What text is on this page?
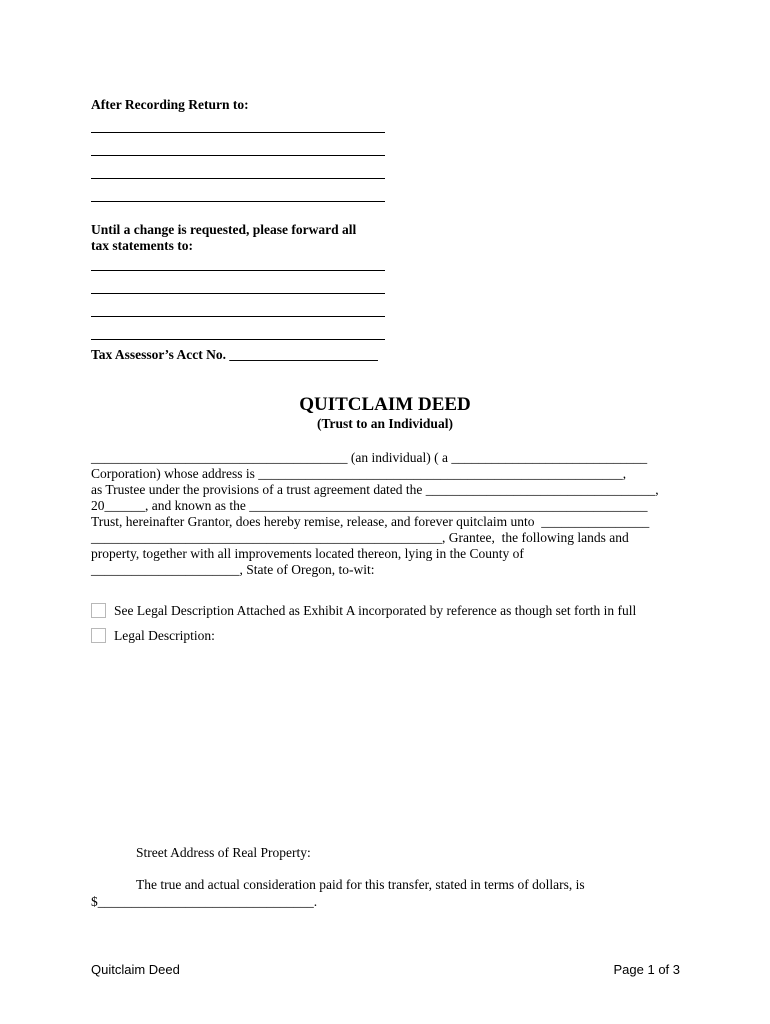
After Recording Return to:
Until a change is requested, please forward all
tax statements to:
Tax Assessor’s Acct No. ______________________
QUITCLAIM DEED
(Trust to an Individual)
______________________________________ (an individual) ( a _____________________________
Corporation) whose address is ______________________________________________________,
as Trustee under the provisions of a trust agreement dated the __________________________________,
20______, and known as the ___________________________________________________________
Trust, hereinafter Grantor, does hereby remise, release, and forever quitclaim unto  ________________
____________________________________________________, Grantee,  the following lands and
property, together with all improvements located thereon, lying in the County of
______________________, State of Oregon, to-wit:
See Legal Description Attached as Exhibit A incorporated by reference as though set forth in full
Legal Description:
Street Address of Real Property:
The true and actual consideration paid for this transfer, stated in terms of dollars, is
$________________________________.
Quitclaim Deed	Page 1 of 3
